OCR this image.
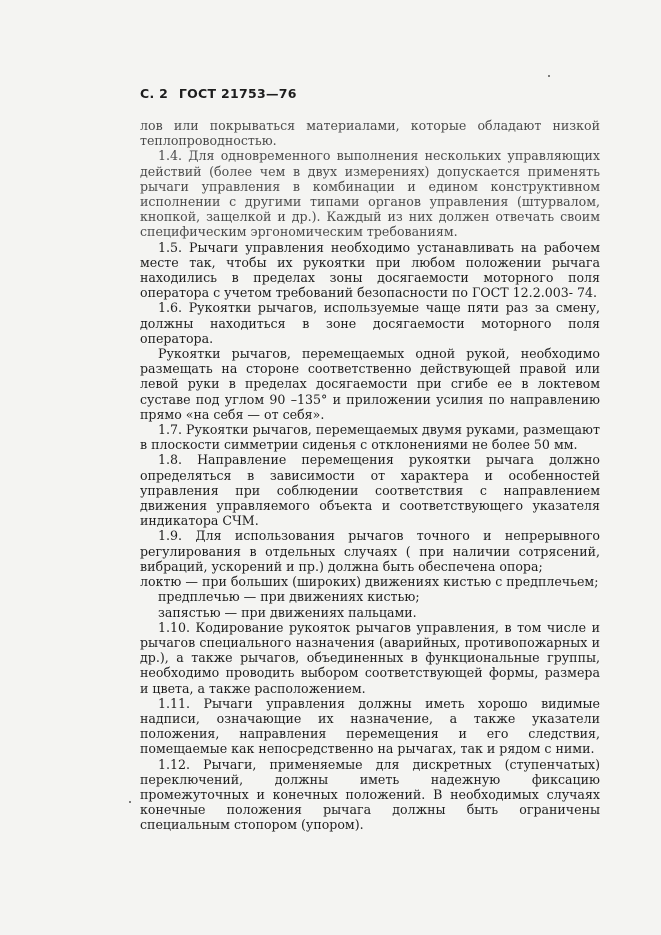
С. 2 ГОСТ 21753—76

лов или покрываться материалами, которые обладают низкой теплопроводностью.

1.4. Для одновременного выполнения нескольких управляющих действий (более чем в двух измерениях) допускается применять рычаги управления в комбинации и едином конструктивном исполнении с другими типами органов управления (штурвалом, кнопкой, защелкой и др.). Каждый из них должен отвечать своим специфическим эргономическим требованиям.

1.5. Рычаги управления необходимо устанавливать на рабочем месте так, чтобы их рукоятки при любом положении рычага находились в пределах зоны досягаемости моторного поля оператора с учетом требований безопасности по ГОСТ 12.2.003‑ 74.

1.6. Рукоятки рычагов, используемые чаще пяти раз за смену, должны находиться в зоне досягаемости моторного поля оператора.

Рукоятки рычагов, перемещаемых одной рукой, необходимо размещать на стороне соответственно действующей правой или левой руки в пределах досягаемости при сгибе ее в локтевом суставе под углом 90 –135° и приложении усилия по направлению прямо «на себя — от себя».

1.7. Рукоятки рычагов, перемещаемых двумя руками, размещают в плоскости симметрии сиденья с отклонениями не более 50 мм.

1.8. Направление перемещения рукоятки рычага должно определяться в зависимости от характера и особенностей управления при соблюдении соответствия с направлением движения управляемого объекта и соответствующего указателя индикатора СЧМ.

1.9. Для использования рычагов точного и непрерывного регулирования в отдельных случаях ( при наличии сотрясений, вибраций, ускорений и пр.) должна быть обеспечена опора;

локтю — при больших (широких) движениях кистью с предплечьем;

предплечью — при движениях кистью;

запястью — при движениях пальцами.

1.10. Кодирование рукояток рычагов управления, в том числе и рычагов специального назначения (аварийных, противопожарных и др.), а также рычагов, объединенных в функциональные группы, необходимо проводить выбором соответствующей формы, размера и цвета, а также расположением.

1.11. Рычаги управления должны иметь хорошо видимые надписи, означающие их назначение, а также указатели положения, направления перемещения и его следствия, помещаемые как непосредственно на рычагах, так и рядом с ними.

1.12. Рычаги, применяемые для дискретных (ступенчатых) переключений, должны иметь надежную фиксацию промежуточных и конечных положений. В необходимых случаях конечные положения рычага должны быть ограничены специальным стопором (упором).
